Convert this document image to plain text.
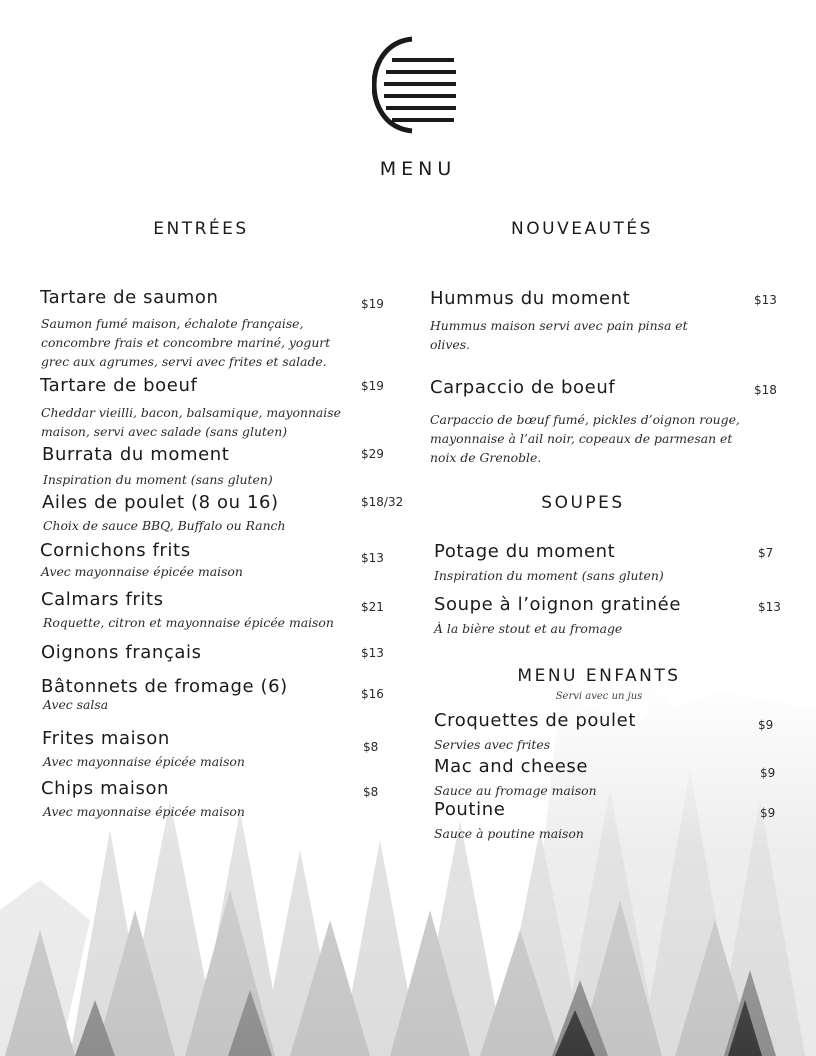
MENU
ENTRÉES	NOUVEAUTÉS
SOUPES
MENU ENFANTS
Servi avec un jus
Tartare de saumon	$19
Saumon fumé maison, échalote française,
concombre frais et concombre mariné, yogurt
grec aux agrumes, servi avec frites et salade.
Tartare de boeuf	$19
Cheddar vieilli, bacon, balsamique, mayonnaise
maison, servi avec salade (sans gluten)
Burrata du moment	$29
Inspiration du moment (sans gluten)
Ailes de poulet (8 ou 16)	$18/32
Choix de sauce BBQ, Buffalo ou Ranch
Cornichons frits	$13
Avec mayonnaise épicée maison
Calmars frits	$21
Roquette, citron et mayonnaise épicée maison
Oignons français	$13
Bâtonnets de fromage (6)	$16
Avec salsa
Frites maison	$8
Avec mayonnaise épicée maison
Chips maison	$8
Avec mayonnaise épicée maison
Hummus du moment	$13
Hummus maison servi avec pain pinsa et
olives.
Carpaccio de boeuf	$18
Carpaccio de bœuf fumé, pickles d’oignon rouge,
mayonnaise à l’ail noir, copeaux de parmesan et
noix de Grenoble.
Potage du moment	$7
Inspiration du moment (sans gluten)
Soupe à l’oignon gratinée	$13
À la bière stout et au fromage
Croquettes de poulet	$9
Servies avec frites
Mac and cheese	$9
Sauce au fromage maison
Poutine	$9
Sauce à poutine maison
